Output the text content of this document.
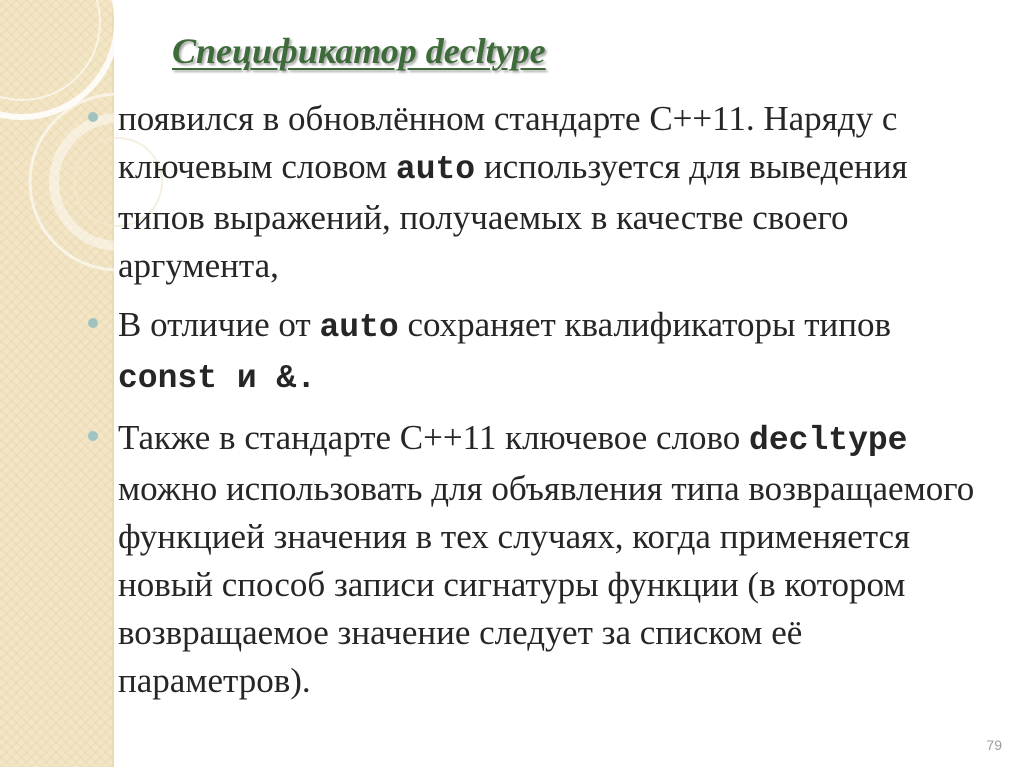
Спецификатор decltype
появился в обновлённом стандарте С++11. Наряду с ключевым словом auto используется для выведения типов выражений, получаемых в качестве своего аргумента,
В отличие от auto сохраняет квалификаторы типов const и &.
Также в стандарте С++11 ключевое слово decltype можно использовать для объявления типа возвращаемого функцией значения в тех случаях, когда применяется новый способ записи сигнатуры функции (в котором возвращаемое значение следует за списком её параметров).
79
